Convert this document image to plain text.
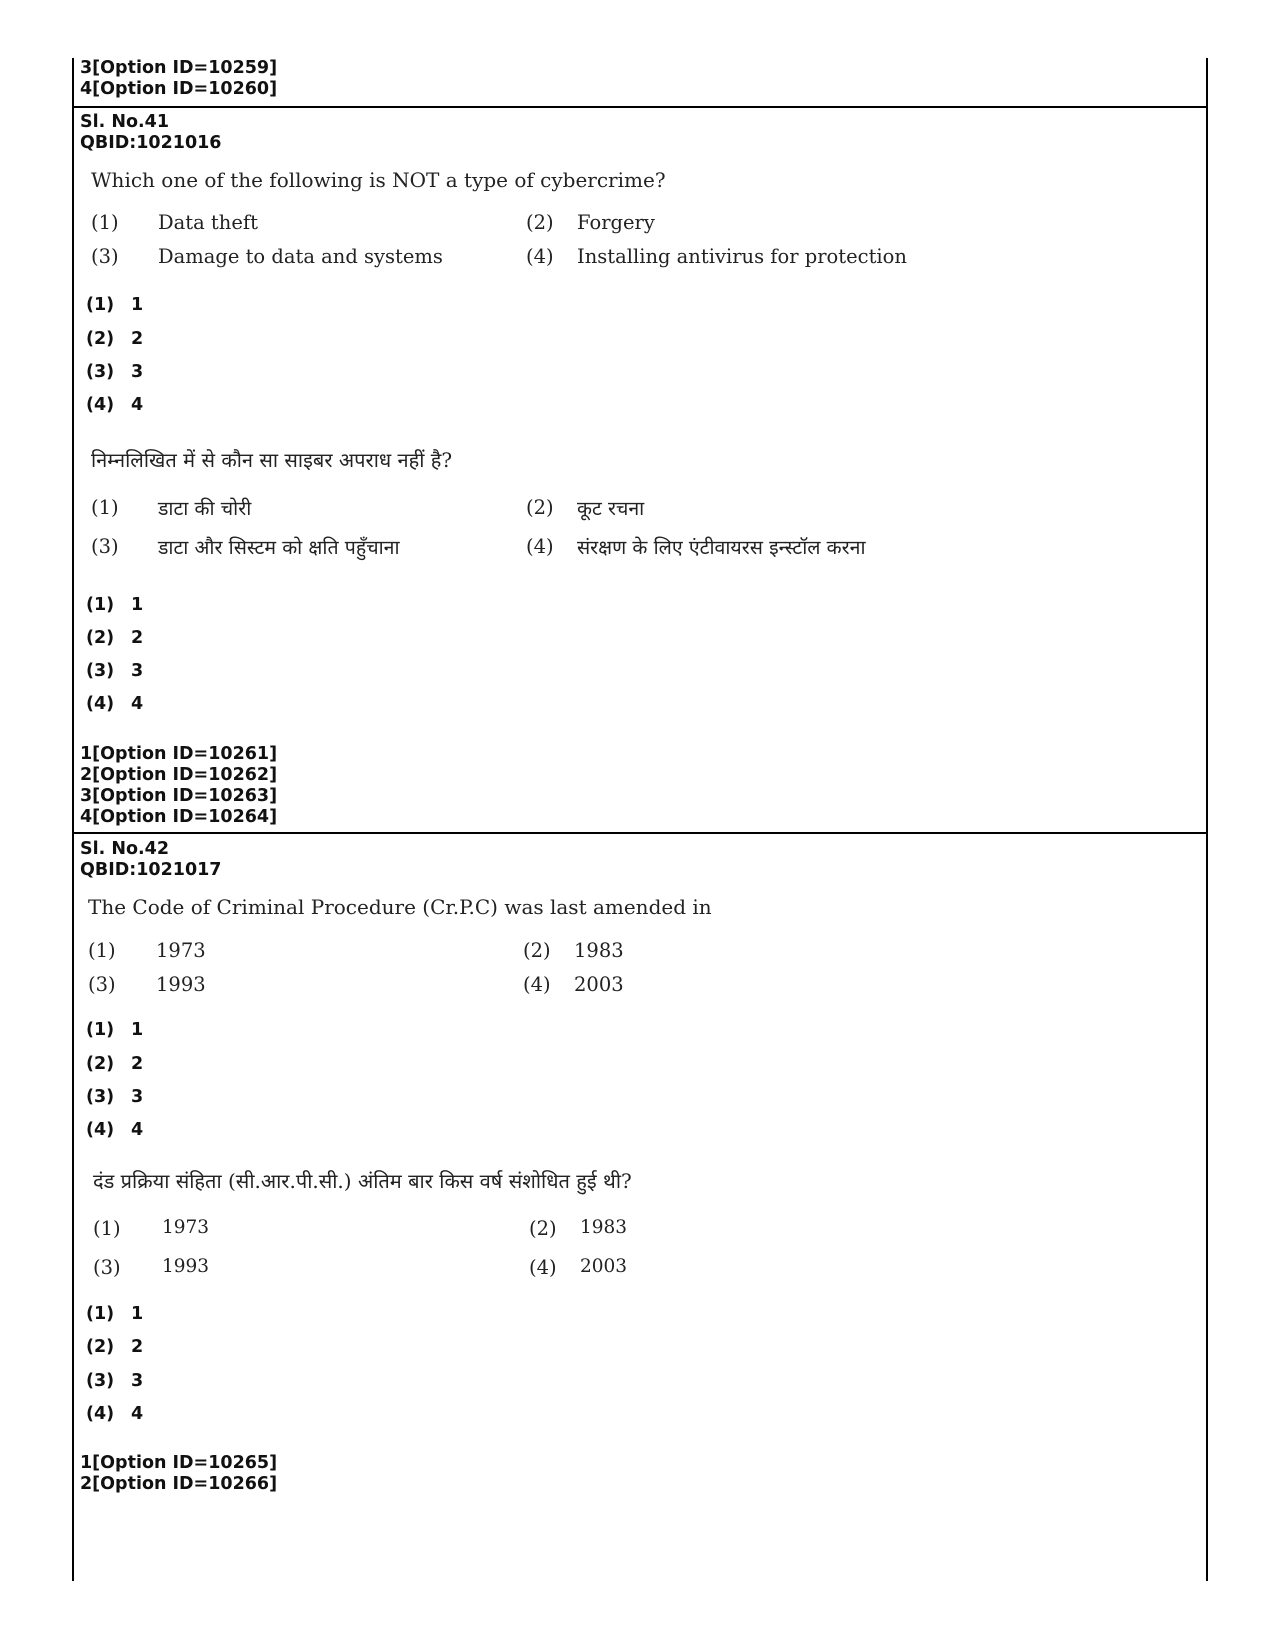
3[Option ID=10259]
4[Option ID=10260]
Sl. No.41
QBID:1021016
Which one of the following is NOT a type of cybercrime?
(1) Data theft	(2) Forgery
(3) Damage to data and systems	(4) Installing antivirus for protection
(1) 1
(2) 2
(3) 3
(4) 4
निम्नलिखित में से कौन सा साइबर अपराध नहीं है?
(1) डाटा की चोरी	(2) कूट रचना
(3) डाटा और सिस्टम को क्षति पहुँचाना	(4) संरक्षण के लिए एंटीवायरस इन्स्टॉल करना
(1) 1
(2) 2
(3) 3
(4) 4
1[Option ID=10261]
2[Option ID=10262]
3[Option ID=10263]
4[Option ID=10264]
Sl. No.42
QBID:1021017
The Code of Criminal Procedure (Cr.P.C) was last amended in
(1) 1973	(2) 1983
(3) 1993	(4) 2003
(1) 1
(2) 2
(3) 3
(4) 4
दंड प्रक्रिया संहिता (सी.आर.पी.सी.) अंतिम बार किस वर्ष संशोधित हुई थी?
(1) 1973	(2) 1983
(3) 1993	(4) 2003
(1) 1
(2) 2
(3) 3
(4) 4
1[Option ID=10265]
2[Option ID=10266]
